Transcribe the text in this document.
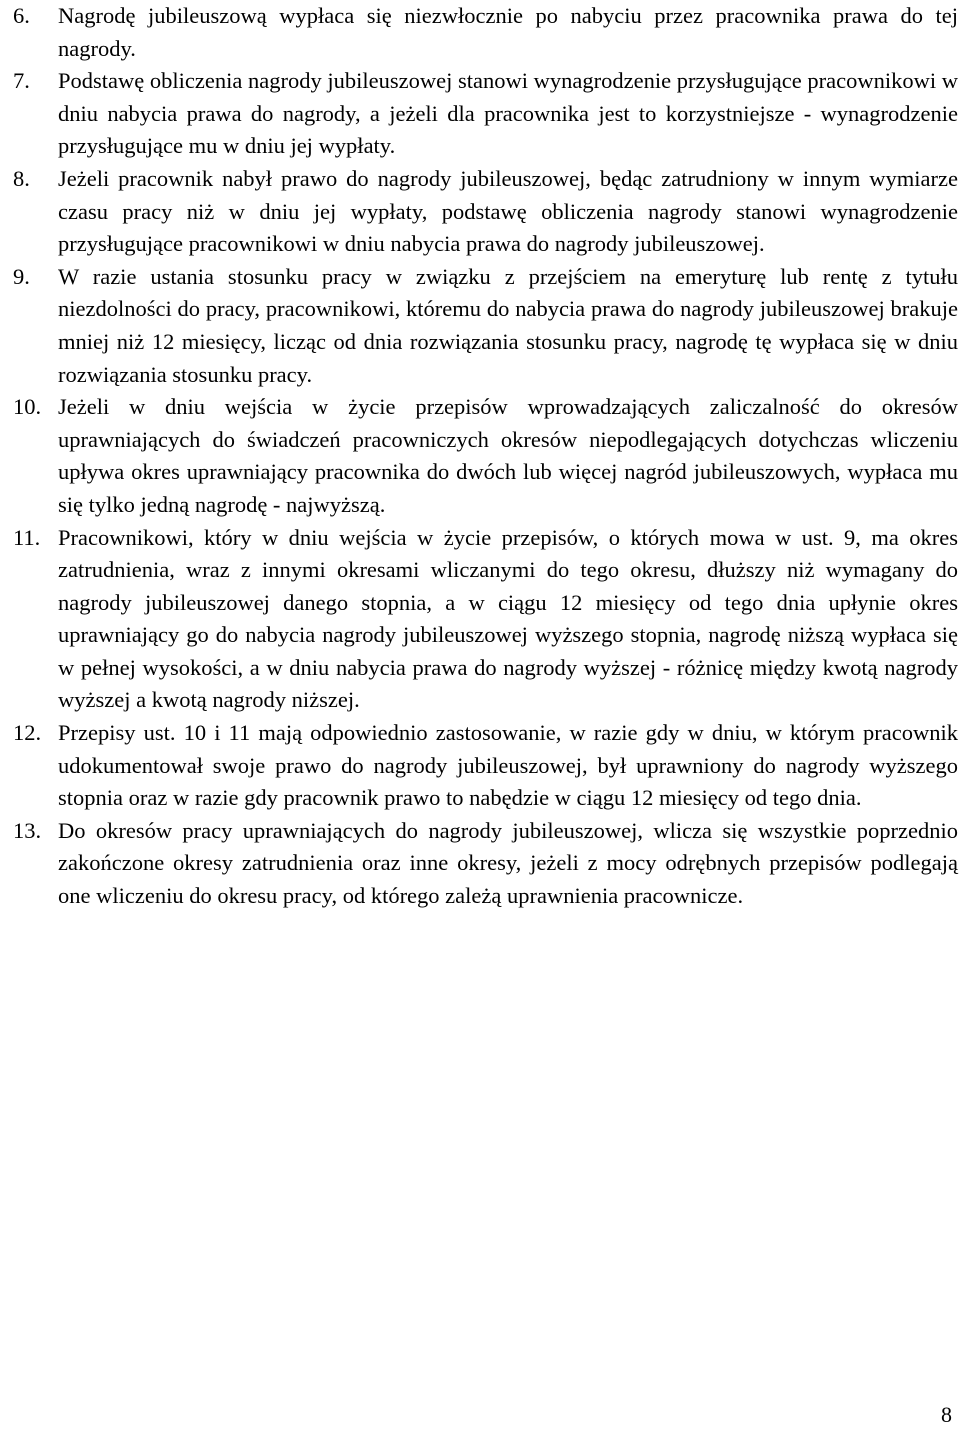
6.	Nagrodę jubileuszową wypłaca się niezwłocznie po nabyciu przez pracownika prawa do tej nagrody.

7.	Podstawę obliczenia nagrody jubileuszowej stanowi wynagrodzenie przysługujące pracownikowi w dniu nabycia prawa do nagrody, a jeżeli dla pracownika jest to korzystniejsze - wynagrodzenie przysługujące mu w dniu jej wypłaty.

8.	Jeżeli pracownik nabył prawo do nagrody jubileuszowej, będąc zatrudniony w innym wymiarze czasu pracy niż w dniu jej wypłaty, podstawę obliczenia nagrody stanowi wynagrodzenie przysługujące pracownikowi w dniu nabycia prawa do nagrody jubileuszowej.

9.	W razie ustania stosunku pracy w związku z przejściem na emeryturę lub rentę z tytułu niezdolności do pracy, pracownikowi, któremu do nabycia prawa do nagrody jubileuszowej brakuje mniej niż 12 miesięcy, licząc od dnia rozwiązania stosunku pracy, nagrodę tę wypłaca się w dniu rozwiązania stosunku pracy.

10. Jeżeli w dniu wejścia w życie przepisów wprowadzających zaliczalność do okresów uprawniających do świadczeń pracowniczych okresów niepodlegających dotychczas wliczeniu upływa okres uprawniający pracownika do dwóch lub więcej nagród jubileuszowych, wypłaca mu się tylko jedną nagrodę - najwyższą.

11. Pracownikowi, który w dniu wejścia w życie przepisów, o których mowa w ust. 9, ma okres zatrudnienia, wraz z innymi okresami wliczanymi do tego okresu, dłuższy niż wymagany do nagrody jubileuszowej danego stopnia, a w ciągu 12 miesięcy od tego dnia upłynie okres uprawniający go do nabycia nagrody jubileuszowej wyższego stopnia, nagrodę niższą wypłaca się w pełnej wysokości, a w dniu nabycia prawa do nagrody wyższej - różnicę między kwotą nagrody wyższej a kwotą nagrody niższej.

12. Przepisy ust. 10 i 11 mają odpowiednio zastosowanie, w razie gdy w dniu, w którym pracownik udokumentował swoje prawo do nagrody jubileuszowej, był uprawniony do nagrody wyższego stopnia oraz w razie gdy pracownik prawo to nabędzie w ciągu 12 miesięcy od tego dnia.

13. Do okresów pracy uprawniających do nagrody jubileuszowej, wlicza się wszystkie poprzednio zakończone okresy zatrudnienia oraz inne okresy, jeżeli z mocy odrębnych przepisów podlegają one wliczeniu do okresu pracy, od którego zależą uprawnienia pracownicze.

8
